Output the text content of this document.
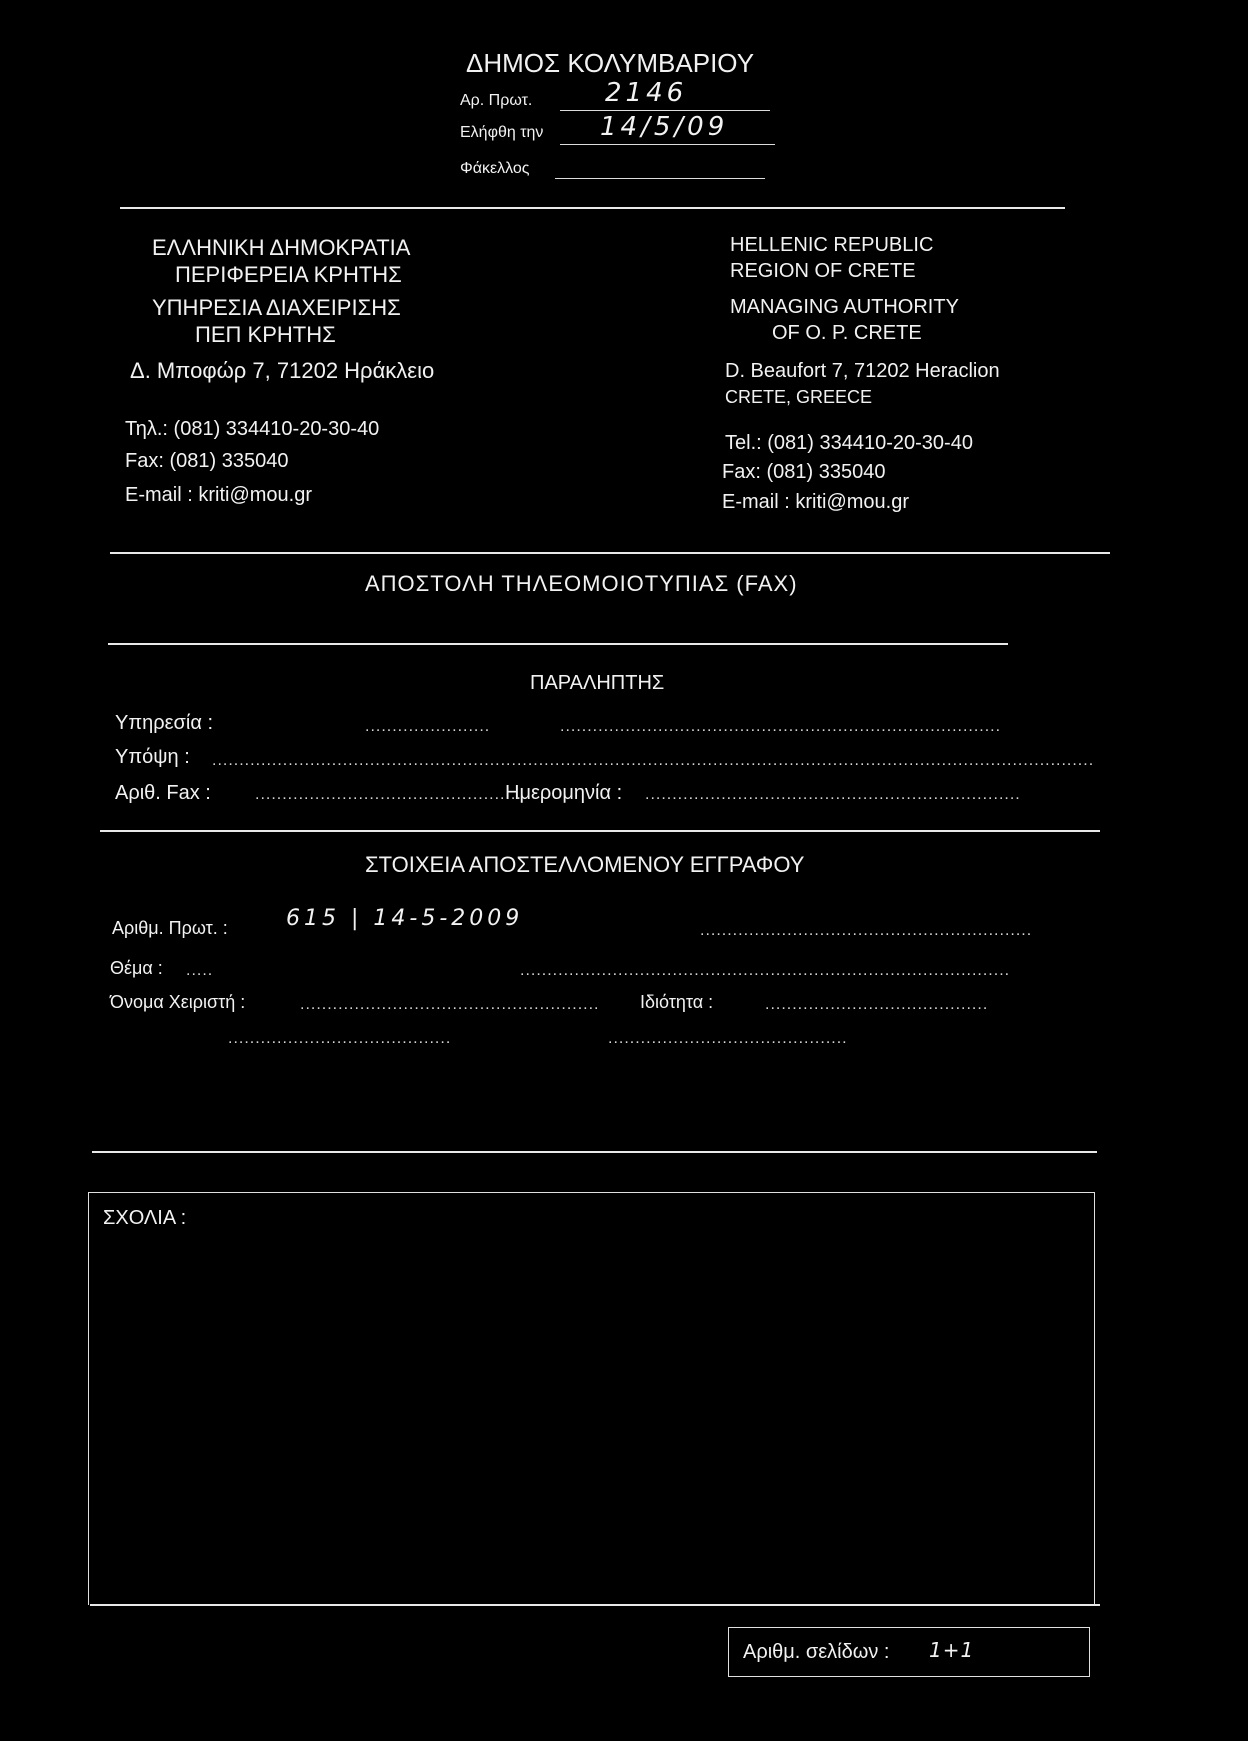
ΔΗΜΟΣ ΚΟΛΥΜΒΑΡΙΟΥ
Αρ. Πρωτ.	2146
Ελήφθη την 14/5/09
Φάκελλος
ΕΛΛΗΝΙΚΗ ΔΗΜΟΚΡΑΤΙΑ
ΠΕΡΙΦΕΡΕΙΑ ΚΡΗΤΗΣ
ΥΠΗΡΕΣΙΑ ΔΙΑΧΕΙΡΙΣΗΣ
ΠΕΠ ΚΡΗΤΗΣ
Δ. Μποφώρ 7, 71202 Ηράκλειο
Τηλ.: (081) 334410-20-30-40
Fax: (081) 335040
E-mail : kriti@mou.gr
HELLENIC REPUBLIC
REGION OF CRETE
MANAGING AUTHORITY
OF O. P. CRETE
D. Beaufort 7, 71202 Heraclion
CRETE, GREECE
Tel.: (081) 334410-20-30-40
Fax: (081) 335040
E-mail : kriti@mou.gr
ΑΠΟΣΤΟΛΗ ΤΗΛΕΟΜΟΙΟΤΥΠΙΑΣ (FAX)
ΠΑΡΑΛΗΠΤΗΣ
Υπηρεσία :	.......................	.................................................................................
Υπόψη : ..................................................................................................................................................................
Αριθ. Fax :	.................................................
Ημερομηνία : .....................................................................
ΣΤΟΙΧΕΙΑ ΑΠΟΣΤΕΛΛΟΜΕΝΟΥ ΕΓΓΡΑΦΟΥ
Αριθμ. Πρωτ. :	615 | 14-5-2009	.............................................................
Θέμα : .....	..........................................................................................
Όνομα Χειριστή :	....................................................... Ιδιότητα :	.........................................
.........................................	............................................
ΣΧΟΛΙΑ :
Αριθμ. σελίδων : 1+1
